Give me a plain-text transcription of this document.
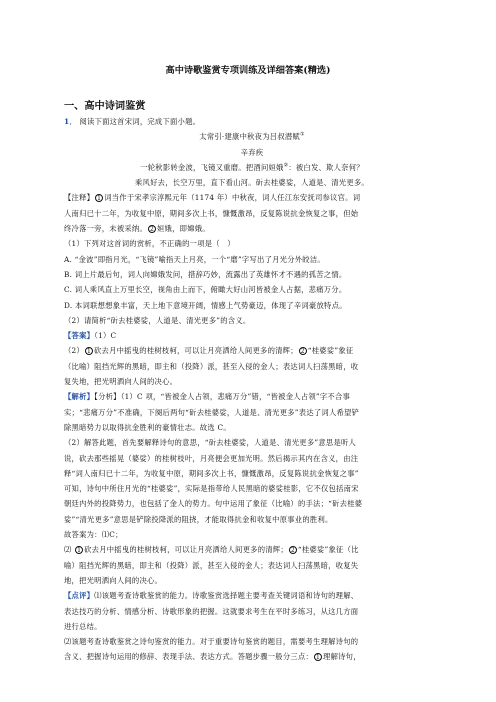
高中诗歌鉴赏专项训练及详细答案(精选)
一、高中诗词鉴赏
1． 阅读下面这首宋词，完成下面小题。
太常引·建康中秋夜为吕叔潜赋①
辛弃疾
一轮秋影转金波，飞镜又重磨。把酒问姮娥②：被白发、欺人奈何？
乘风好去，长空万里，直下看山河。斫去桂婆娑，人道是、清光更多。
【注释】 1 词当作于宋孝宗淳熙元年（1174 年）中秋夜，词人任江东安抚司参议官。词
人南归已十二年，为收复中原，期间多次上书，慷慨激昂，反复陈说抗金恢复之事，但始
终冷落一旁，未被采纳。 2 姮娥，即嫦娥。
（1）下列对这首词的赏析，不正确的一项是（　）
A. “金波”即指月光，“飞镜”喻指天上月亮，一个“磨”字写出了月光分外皎洁。
B. 词上片最后句，词人向嫦娥发问，措辞巧妙，流露出了英雄怀才不遇的孤苦之情。
C. 词人乘风直上万里长空，视角由上而下，俯瞰大好山河皆被金人占据，悲痛万分。
D. 本词联想想象丰富，天上地下意境开阔，情感上气势豪迈，体现了辛词豪放特点。
（2）请简析“斫去桂婆娑，人道是、清光更多”的含义。
【答案】（1）C
（2） 1 砍去月中摇曳的桂树枝柯，可以让月亮洒给人间更多的清辉； 2 “桂婆娑”象征
（比喻）阻挡光辉的黑暗，即主和（投降）派，甚至入侵的金人；表达词人扫荡黑暗，收
复失地，把光明洒向人间的决心。
【解析】【分析】（1）C 项，“皆被金人占领，悲痛万分”错，“皆被金人占领”字不合事
实；“悲痛万分”不准确，下阕后两句“斫去桂婆娑，人道是、清光更多”表达了词人希望铲
除黑暗势力以取得抗金胜利的豪情壮志。故选 C。
（2）解答此题，首先要解释诗句的意思，“斫去桂婆娑，人道是、清光更多”意思是听人
说，砍去那些摇晃（婆娑）的桂树枝叶，月亮便会更加光明。然后揭示其内在含义，由注
释“词人南归已十二年，为收复中原，期间多次上书，慷慨激昂，反复陈说抗金恢复之事”
可知，诗句中所住月光的“桂婆娑”，实际是指带给人民黑暗的婆娑桂影，它不仅包括南宋
朝廷内外的投降势力，也包括了金人的势力。句中运用了象征（比喻）的手法；“斫去桂婆
娑”“清光更多”意思是铲除投降派的阻挠，才能取得抗金和收复中原事业的胜利。
故答案为：⑴C；
⑵ 1 砍去月中摇曳的桂树枝柯，可以让月亮洒给人间更多的清辉； 2 “桂婆娑”象征（比
喻）阻挡光辉的黑暗，即主和（投降）派，甚至入侵的金人；表达词人扫荡黑暗，收复失
地，把光明洒向人间的决心。
【点评】⑴该题考查诗歌鉴赏的能力。诗歌鉴赏选择题主要考查关键词语和诗句的理解、
表达技巧的分析、情感分析、诗歌形象的把握。这就要求考生在平时多练习，从这几方面
进行总结。
⑵该题考查诗歌鉴赏之诗句鉴赏的能力。对于重要诗句鉴赏的题目，需要考生理解诗句的
含义、把握诗句运用的修辞、表现手法、表达方式。答题步骤一般分三点： 1 理解诗句，
